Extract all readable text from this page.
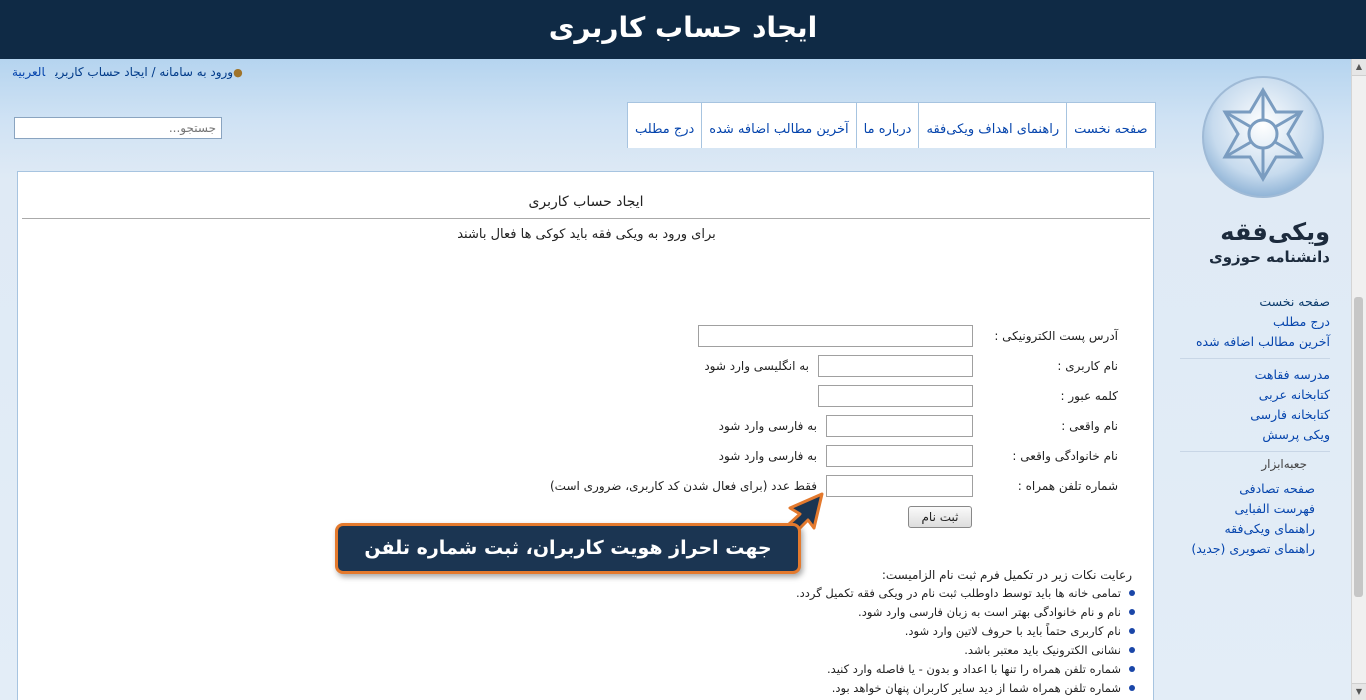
ایجاد حساب کاربری
▲
▼
●ورود به سامانه / ایجاد حساب کاربریالعربية
جستجو...
صفحه نخست
راهنمای اهداف ویکی‌فقه
درباره ما
آخرین مطالب اضافه شده
درج مطلب
ایجاد حساب کاربری
برای ورود به ویکی فقه باید کوکی ها فعال باشند
آدرس پست الکترونیکی :
نام کاربری :
به انگلیسی وارد شود
کلمه عبور :
نام واقعی :
به فارسی وارد شود
نام خانوادگی واقعی :
به فارسی وارد شود
شماره تلفن همراه :
فقط عدد (برای فعال شدن کد کاربری، ضروری است)
ثبت نام
رعایت نکات زیر در تکمیل فرم ثبت نام الزامیست:
تمامی خانه ها باید توسط داوطلب ثبت نام در ویکی فقه تکمیل گردد.
نام و نام خانوادگی بهتر است به زبان فارسی وارد شود.
نام کاربری حتماً باید با حروف لاتین وارد شود.
نشانی الکترونیک باید معتبر باشد.
شماره تلفن همراه را تنها با اعداد و بدون - یا فاصله وارد کنید.
شماره تلفن همراه شما از دید سایر کاربران پنهان خواهد بود.
جهت احراز هویت کاربران، ثبت شماره تلفن ضروریست.
ویکی‌فقه
دانشنامه حوزوی
صفحه نخست
درج مطلب
آخرین مطالب اضافه شده
مدرسه فقاهت
کتابخانه عربی
کتابخانه فارسی
ویکی پرسش
جعبه‌ابزار
صفحه تصادفی
فهرست الفبایی
راهنمای ویکی‌فقه
راهنمای تصویری (جدید)
